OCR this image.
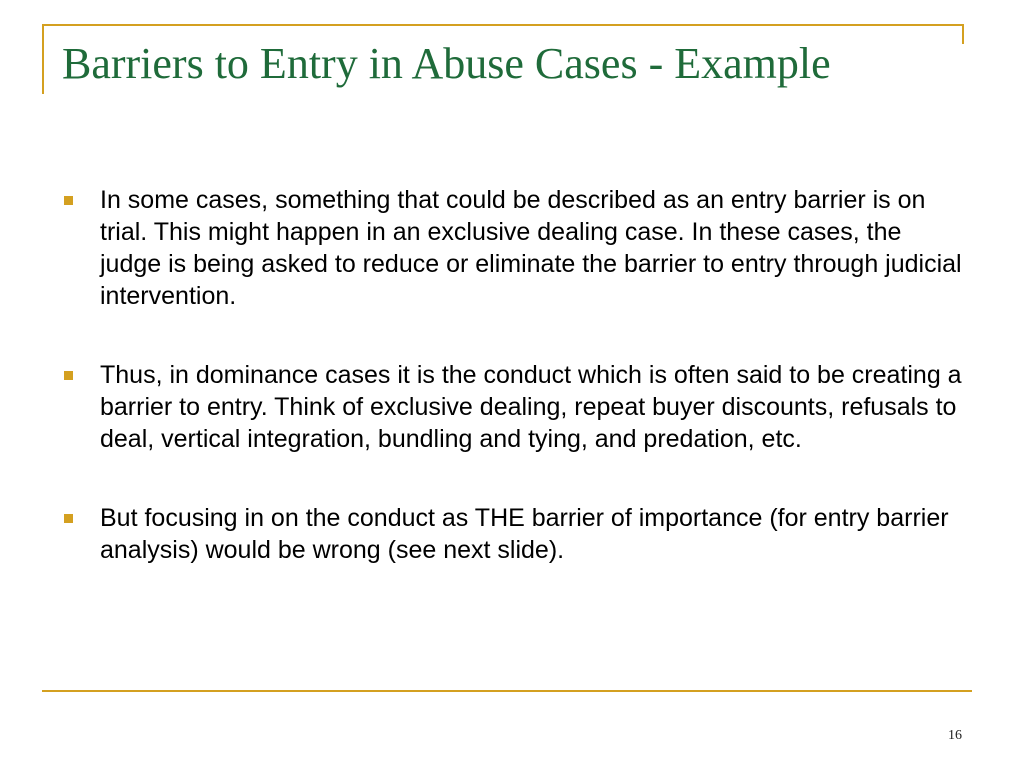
Barriers to Entry in Abuse Cases - Example
In some cases, something that could be described as an entry barrier is on trial. This might happen in an exclusive dealing case. In these cases, the judge is being asked to reduce or eliminate the barrier to entry through judicial intervention.
Thus, in dominance cases it is the conduct which is often said to be creating a barrier to entry. Think of exclusive dealing, repeat buyer discounts, refusals to deal, vertical integration, bundling and tying, and predation, etc.
But focusing in on the conduct as THE barrier of importance (for entry barrier analysis) would be wrong (see next slide).
16
